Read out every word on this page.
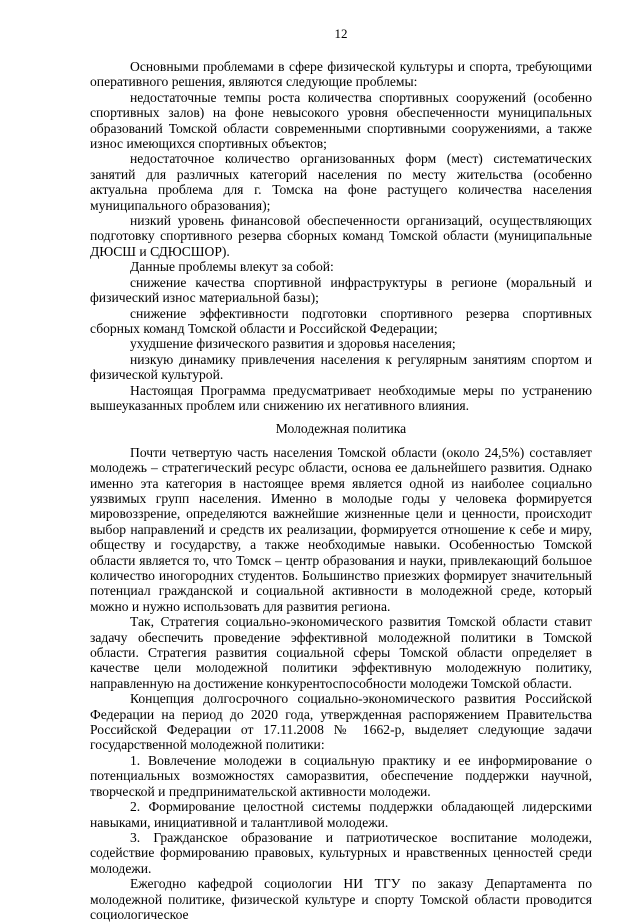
12

Основными проблемами в сфере физической культуры и спорта, требующими оперативного решения, являются следующие проблемы:

недостаточные темпы роста количества спортивных сооружений (особенно спортивных залов) на фоне невысокого уровня обеспеченности муниципальных образований Томской области современными спортивными сооружениями, а также износ имеющихся спортивных объектов;

недостаточное количество организованных форм (мест) систематических занятий для различных категорий населения по месту жительства (особенно актуальна проблема для г. Томска на фоне растущего количества населения муниципального образования);

низкий уровень финансовой обеспеченности организаций, осуществляющих подготовку спортивного резерва сборных команд Томской области (муниципальные ДЮСШ и СДЮСШОР).

Данные проблемы влекут за собой:

снижение качества спортивной инфраструктуры в регионе (моральный и физический износ материальной базы);

снижение эффективности подготовки спортивного резерва спортивных сборных команд Томской области и Российской Федерации;

ухудшение физического развития и здоровья населения;

низкую динамику привлечения населения к регулярным занятиям спортом и физической культурой.

Настоящая Программа предусматривает необходимые меры по устранению вышеуказанных проблем или снижению их негативного влияния.

Молодежная политика

Почти четвертую часть населения Томской области (около 24,5%) составляет молодежь – стратегический ресурс области, основа ее дальнейшего развития. Однако именно эта категория в настоящее время является одной из наиболее социально уязвимых групп населения. Именно в молодые годы у человека формируется мировоззрение, определяются важнейшие жизненные цели и ценности, происходит выбор направлений и средств их реализации, формируется отношение к себе и миру, обществу и государству, а также необходимые навыки. Особенностью Томской области является то, что Томск – центр образования и науки, привлекающий большое количество иногородних студентов. Большинство приезжих формирует значительный потенциал гражданской и социальной активности в молодежной среде, который можно и нужно использовать для развития региона.

Так, Стратегия социально-экономического развития Томской области ставит задачу обеспечить проведение эффективной молодежной политики в Томской области. Стратегия развития социальной сферы Томской области определяет в качестве цели молодежной политики эффективную молодежную политику, направленную на достижение конкурентоспособности молодежи Томской области.

Концепция долгосрочного социально-экономического развития Российской Федерации на период до 2020 года, утвержденная распоряжением Правительства Российской Федерации от 17.11.2008 № 1662-р, выделяет следующие задачи государственной молодежной политики:

1. Вовлечение молодежи в социальную практику и ее информирование о потенциальных возможностях саморазвития, обеспечение поддержки научной, творческой и предпринимательской активности молодежи.

2. Формирование целостной системы поддержки обладающей лидерскими навыками, инициативной и талантливой молодежи.

3. Гражданское образование и патриотическое воспитание молодежи, содействие формированию правовых, культурных и нравственных ценностей среди молодежи.

Ежегодно кафедрой социологии НИ ТГУ по заказу Департамента по молодежной политике, физической культуре и спорту Томской области проводится социологическое
